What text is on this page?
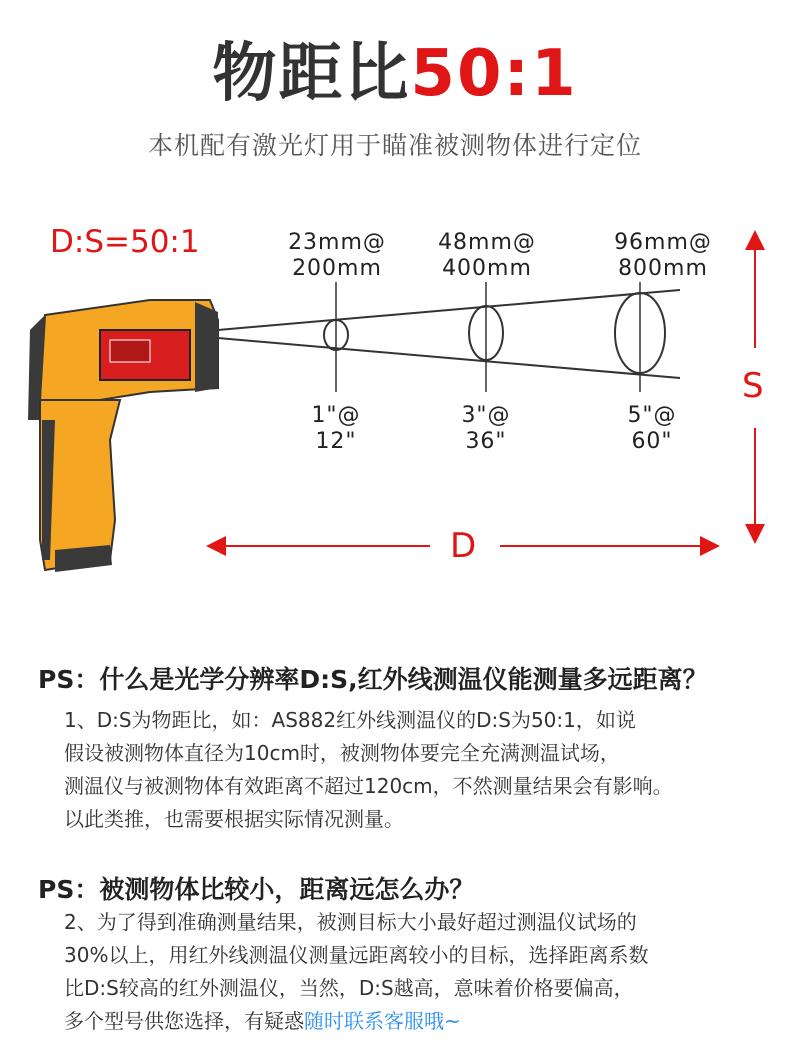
物距比50:1
本机配有激光灯用于瞄准被测物体进行定位
D:S=50:1	23mm@
200mm
48mm@
400mm
96mm@
800mm
1"@
12"
3"@
36"
5"@
60"
S
D
PS：什么是光学分辨率D:S,红外线测温仪能测量多远距离？

1、D:S为物距比，如：AS882红外线测温仪的D:S为50:1，如说

假设被测物体直径为10cm时，被测物体要完全充满测温试场，

测温仪与被测物体有效距离不超过120cm，不然测量结果会有影响。

以此类推，也需要根据实际情况测量。

PS：被测物体比较小，距离远怎么办？

2、为了得到准确测量结果，被测目标大小最好超过测温仪试场的

30%以上，用红外线测温仪测量远距离较小的目标，选择距离系数

比D:S较高的红外测温仪，当然，D:S越高，意味着价格要偏高，

多个型号供您选择，有疑惑随时联系客服哦~
